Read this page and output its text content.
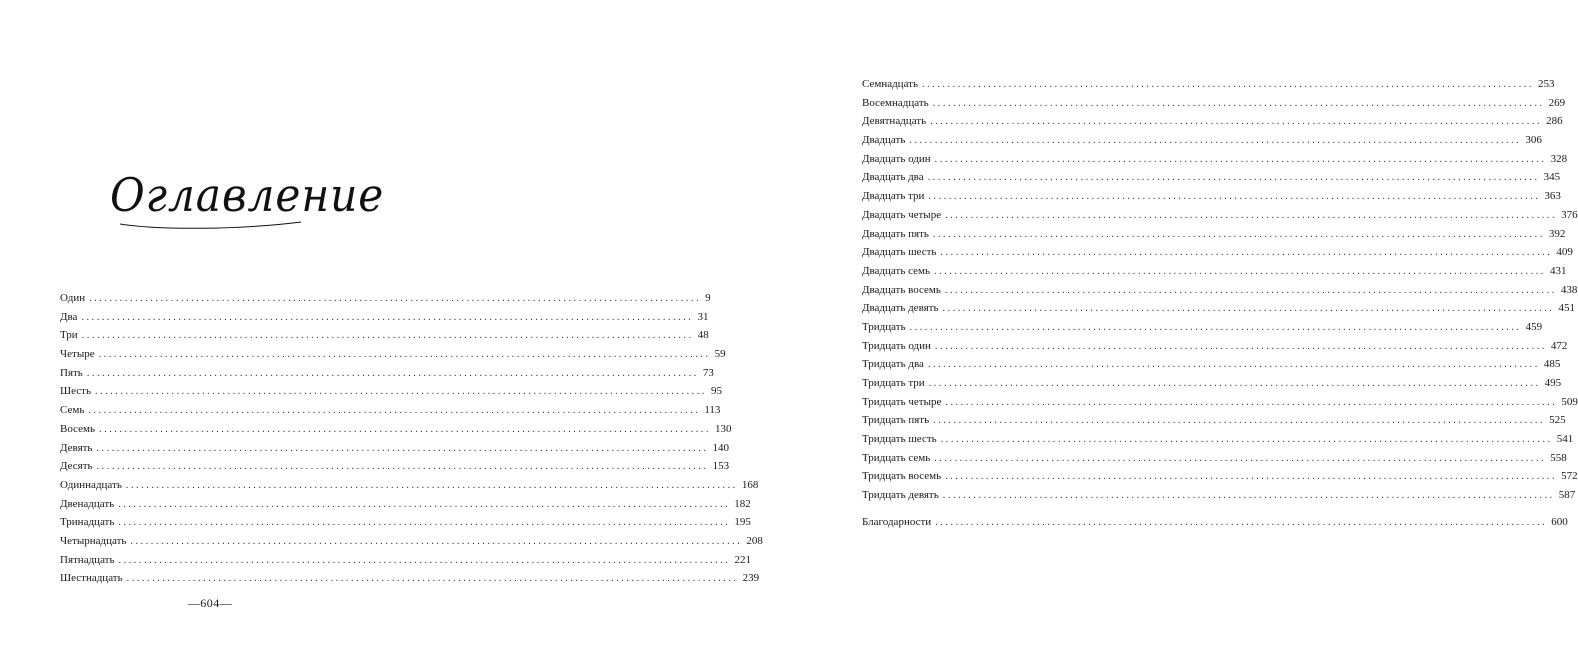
Оглавление
Один ........................................................................................................................ 9
Два ........................................................................................................................ 31
Три ........................................................................................................................ 48
Четыре ........................................................................................................................ 59
Пять ........................................................................................................................ 73
Шесть ........................................................................................................................ 95
Семь ........................................................................................................................ 113
Восемь ........................................................................................................................ 130
Девять ........................................................................................................................ 140
Десять ........................................................................................................................ 153
Одиннадцать ........................................................................................................................ 168
Двенадцать ........................................................................................................................ 182
Тринадцать ........................................................................................................................ 195
Четырнадцать ........................................................................................................................ 208
Пятнадцать ........................................................................................................................ 221
Шестнадцать ........................................................................................................................ 239
—604—
Семнадцать ........................................................................................................................ 253
Восемнадцать ........................................................................................................................ 269
Девятнадцать ........................................................................................................................ 286
Двадцать ........................................................................................................................ 306
Двадцать один ........................................................................................................................ 328
Двадцать два ........................................................................................................................ 345
Двадцать три ........................................................................................................................ 363
Двадцать четыре ........................................................................................................................ 376
Двадцать пять ........................................................................................................................ 392
Двадцать шесть ........................................................................................................................ 409
Двадцать семь ........................................................................................................................ 431
Двадцать восемь ........................................................................................................................ 438
Двадцать девять ........................................................................................................................ 451
Тридцать ........................................................................................................................ 459
Тридцать один ........................................................................................................................ 472
Тридцать два ........................................................................................................................ 485
Тридцать три ........................................................................................................................ 495
Тридцать четыре ........................................................................................................................ 509
Тридцать пять ........................................................................................................................ 525
Тридцать шесть ........................................................................................................................ 541
Тридцать семь ........................................................................................................................ 558
Тридцать восемь ........................................................................................................................ 572
Тридцать девять ........................................................................................................................ 587
Благодарности ........................................................................................................................ 600
